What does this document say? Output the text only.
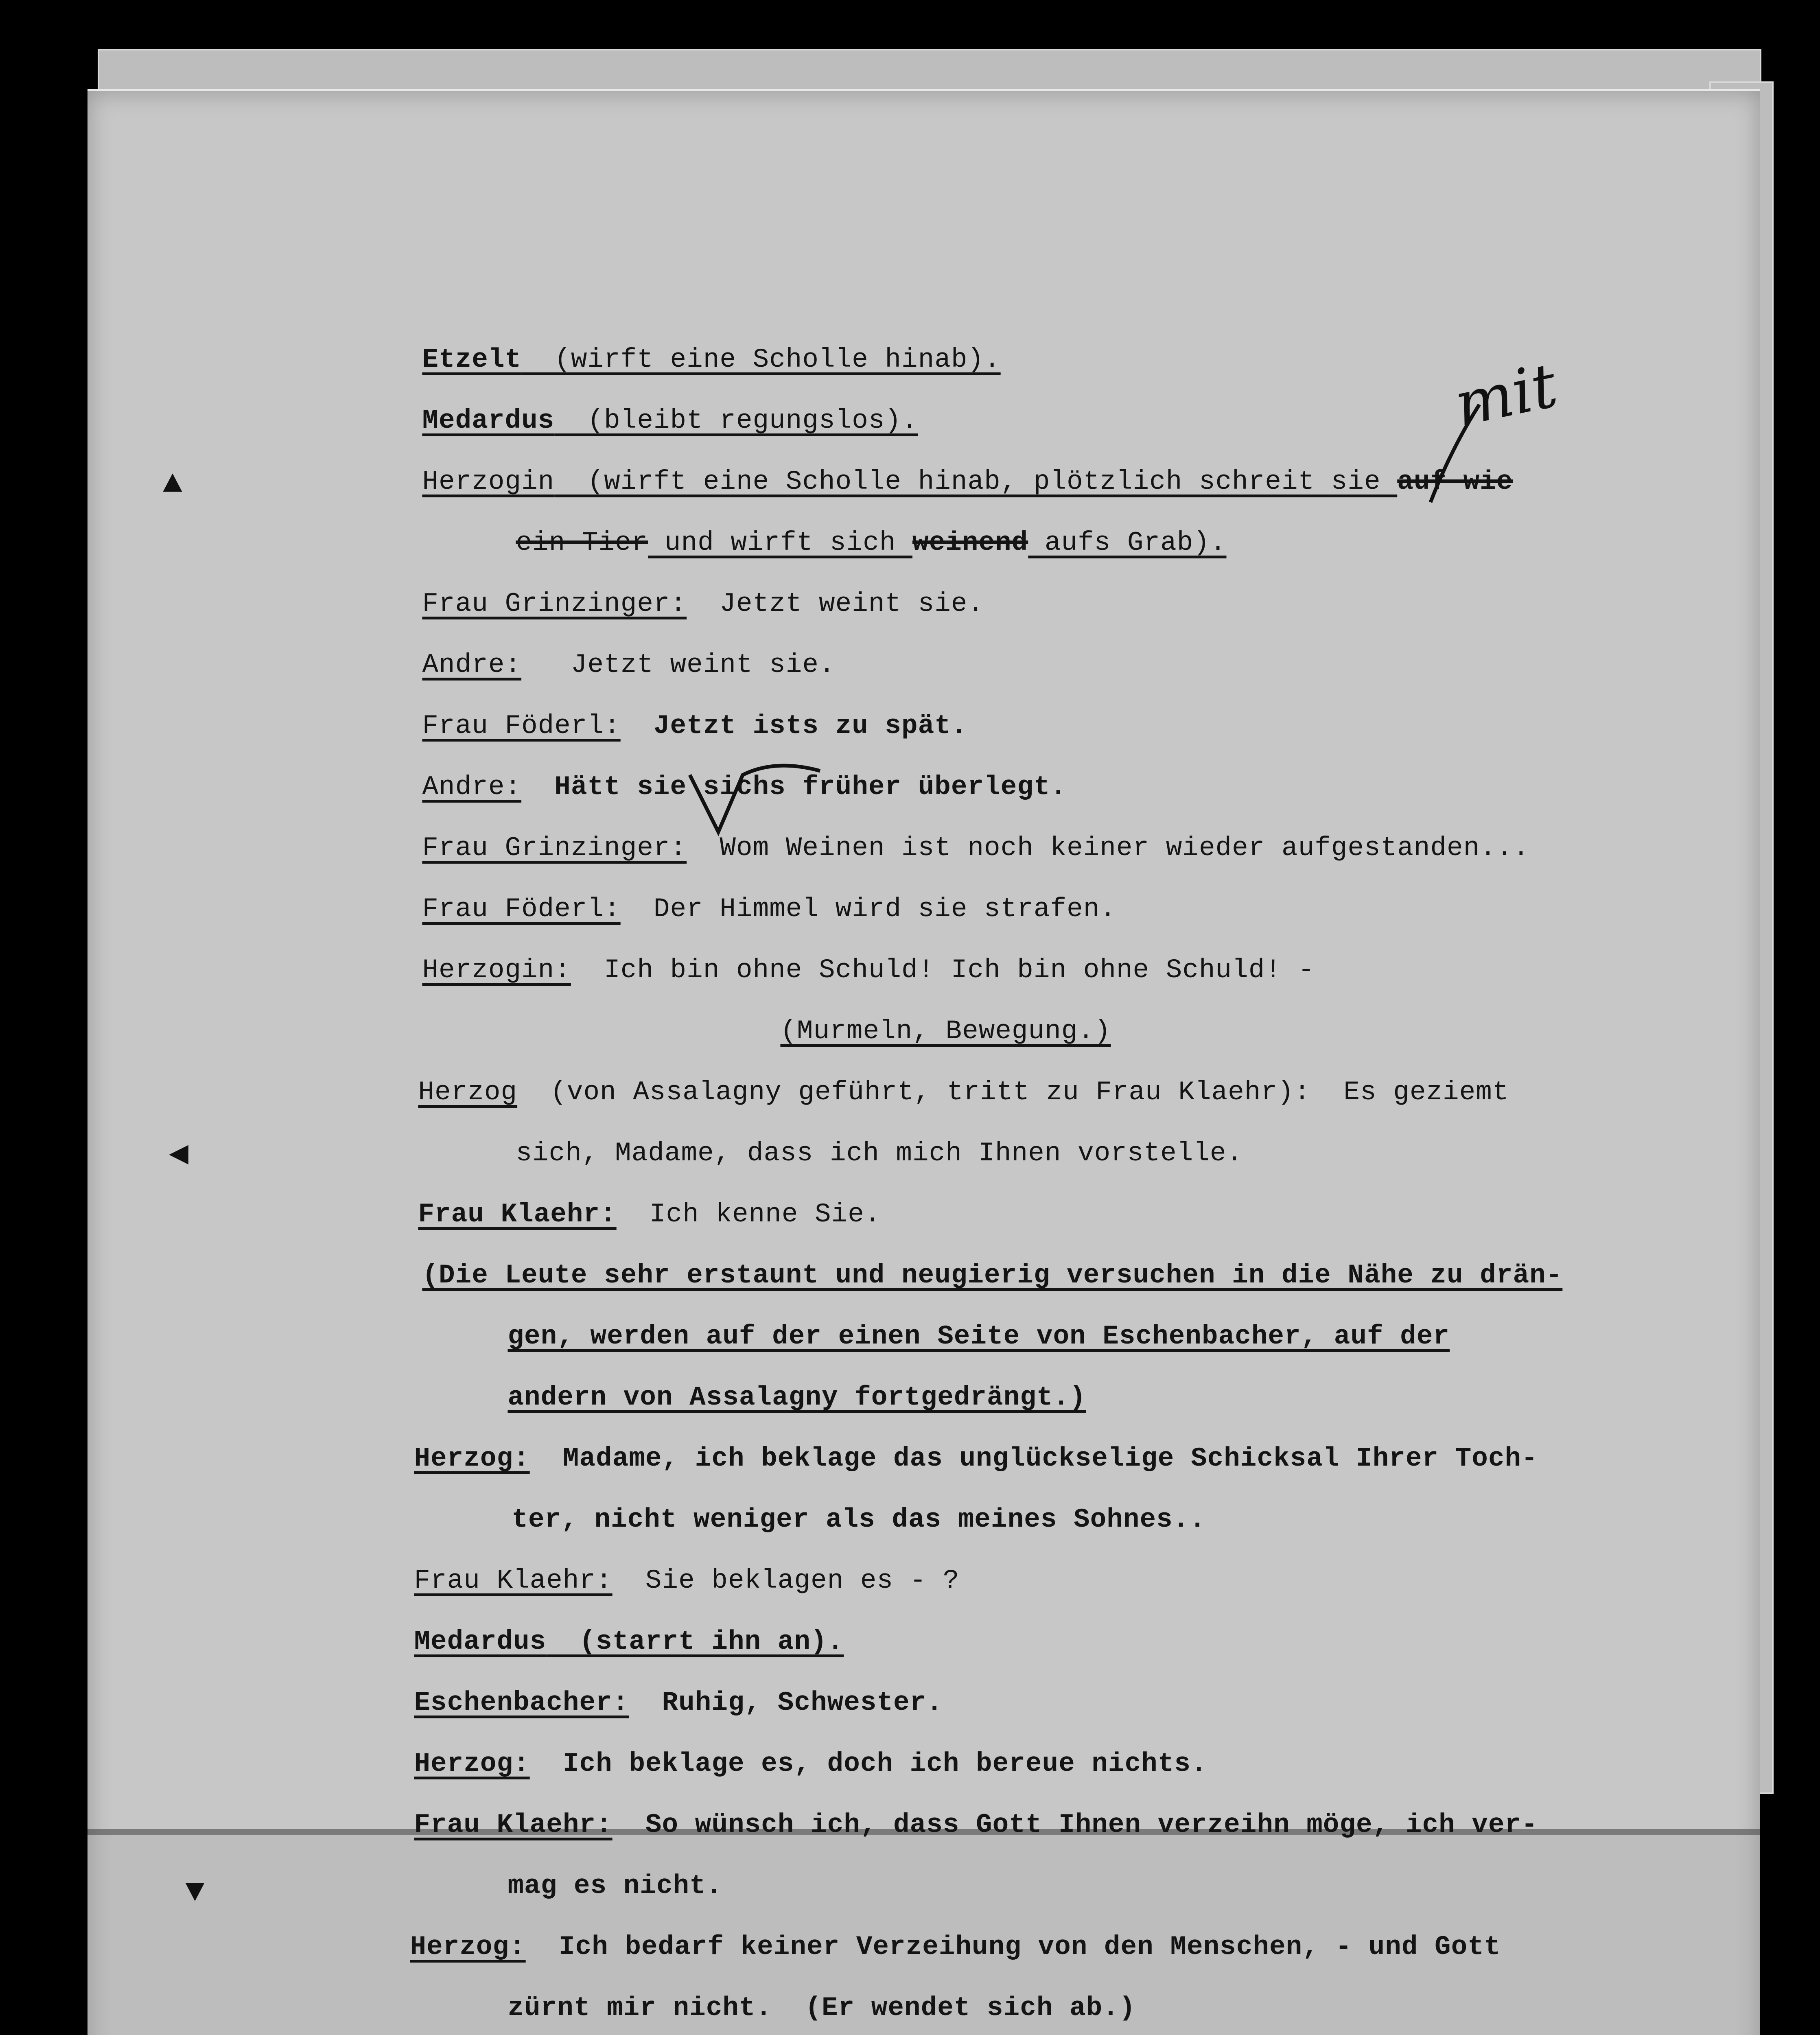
Etzelt  (wirft eine Scholle hinab).

Medardus  (bleibt regungslos).

Herzogin  (wirft eine Scholle hinab, plötzlich schreit sie auf wie

ein Tier und wirft sich weinend aufs Grab).

Frau Grinzinger:  Jetzt weint sie.

Andre:   Jetzt weint sie.

Frau Föderl:  Jetzt ists zu spät.

Andre:  Hätt sie sichs früher überlegt.

Frau Grinzinger:  Wom Weinen ist noch keiner wieder aufgestanden...

Frau Föderl:  Der Himmel wird sie strafen.

Herzogin:  Ich bin ohne Schuld! Ich bin ohne Schuld! -

(Murmeln, Bewegung.)

Herzog  (von Assalagny geführt, tritt zu Frau Klaehr):  Es geziemt

sich, Madame, dass ich mich Ihnen vorstelle.

Frau Klaehr:  Ich kenne Sie.

(Die Leute sehr erstaunt und neugierig versuchen in die Nähe zu drän-

gen, werden auf der einen Seite von Eschenbacher, auf der

andern von Assalagny fortgedrängt.)

Herzog:  Madame, ich beklage das unglückselige Schicksal Ihrer Toch-

ter, nicht weniger als das meines Sohnes..

Frau Klaehr:  Sie beklagen es - ?

Medardus  (starrt ihn an).

Eschenbacher:  Ruhig, Schwester.

Herzog:  Ich beklage es, doch ich bereue nichts.

Frau Klaehr:  So wünsch ich, dass Gott Ihnen verzeihn möge, ich ver-

mag es nicht.

Herzog:  Ich bedarf keiner Verzeihung von den Menschen, - und Gott

zürnt mir nicht.  (Er wendet sich ab.)

mit
▲
◀
▼
